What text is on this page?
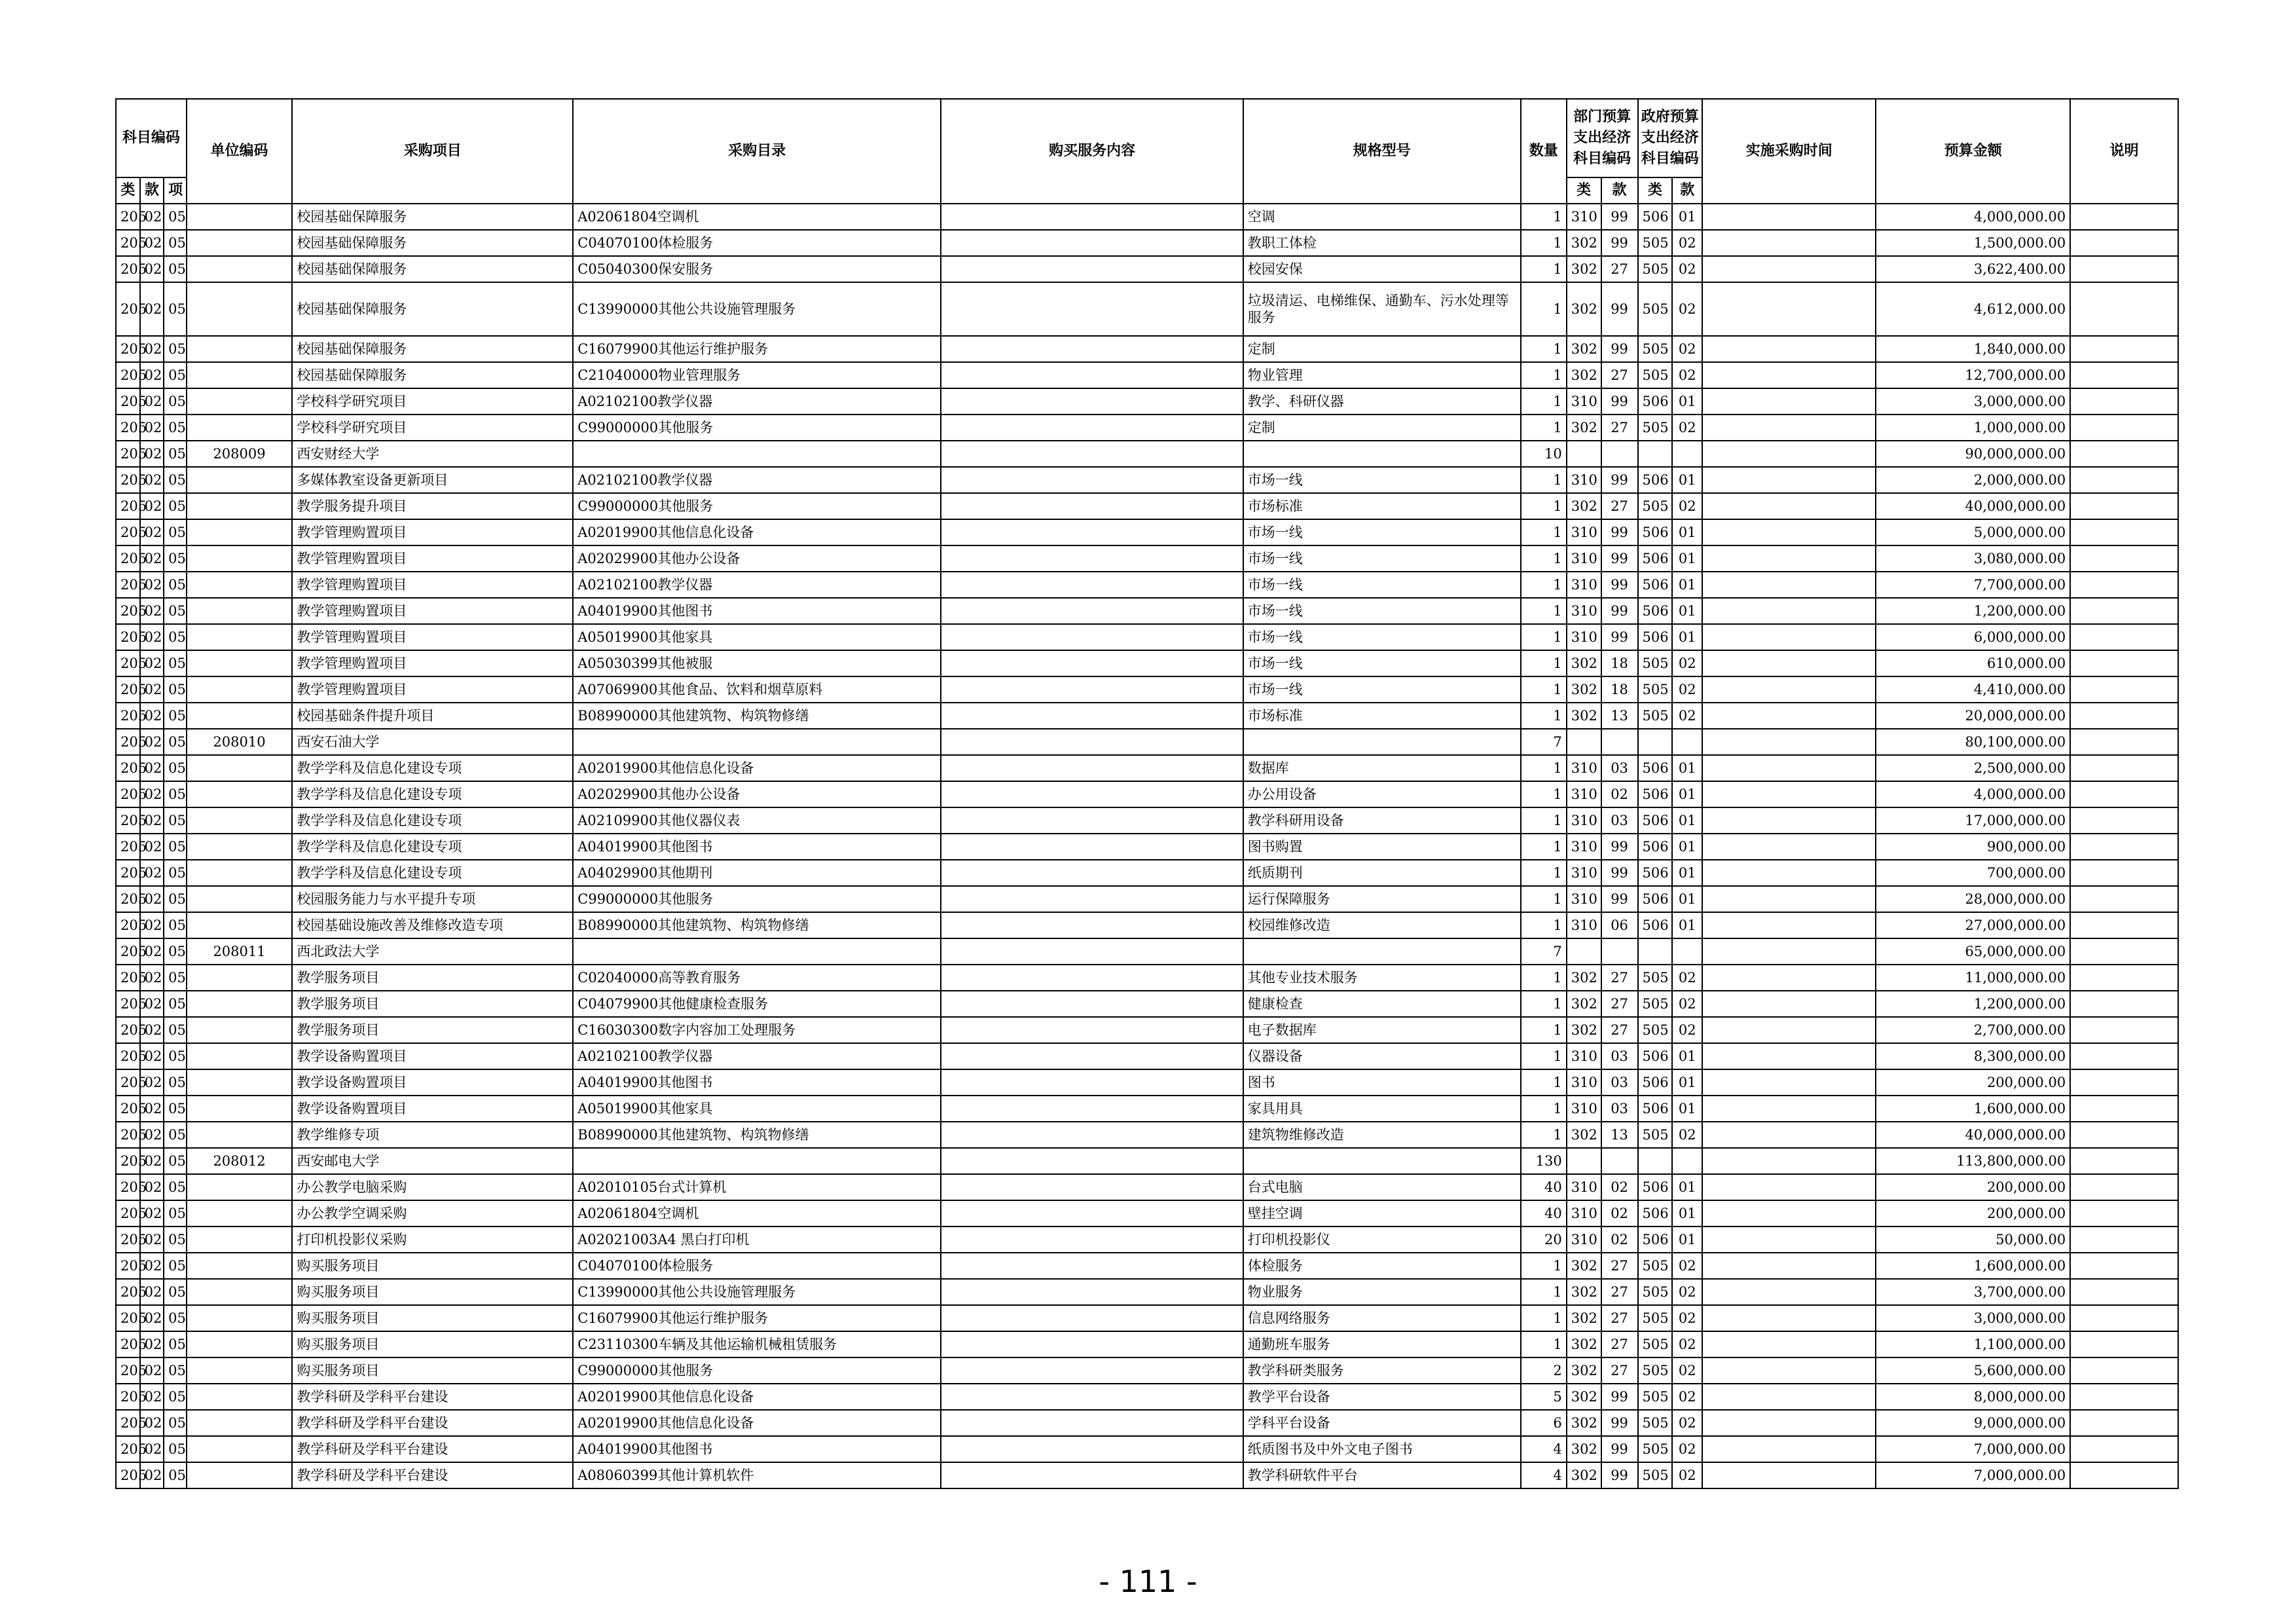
科目编码			单位编码	采购项目	采购目录	购买服务内容	规格型号	数量	部门预算支出经济科目编码		政府预算支出经济科目编码		实施采购时间	预算金额	说明
类	款	项							类	款	类	款			
205	02	05		校园基础保障服务	A02061804空调机		空调	1	310	99	506	01		4,000,000.00	
205	02	05		校园基础保障服务	C04070100体检服务		教职工体检	1	302	99	505	02		1,500,000.00	
205	02	05		校园基础保障服务	C05040300保安服务		校园安保	1	302	27	505	02		3,622,400.00	
205	02	05		校园基础保障服务	C13990000其他公共设施管理服务		垃圾清运、电梯维保、通勤车、污水处理等服务	1	302	99	505	02		4,612,000.00	
205	02	05		校园基础保障服务	C16079900其他运行维护服务		定制	1	302	99	505	02		1,840,000.00	
205	02	05		校园基础保障服务	C21040000物业管理服务		物业管理	1	302	27	505	02		12,700,000.00	
205	02	05		学校科学研究项目	A02102100教学仪器		教学、科研仪器	1	310	99	506	01		3,000,000.00	
205	02	05		学校科学研究项目	C99000000其他服务		定制	1	302	27	505	02		1,000,000.00	
205	02	05	208009	西安财经大学				10						90,000,000.00	
205	02	05		多媒体教室设备更新项目	A02102100教学仪器		市场一线	1	310	99	506	01		2,000,000.00	
205	02	05		教学服务提升项目	C99000000其他服务		市场标准	1	302	27	505	02		40,000,000.00	
205	02	05		教学管理购置项目	A02019900其他信息化设备		市场一线	1	310	99	506	01		5,000,000.00	
205	02	05		教学管理购置项目	A02029900其他办公设备		市场一线	1	310	99	506	01		3,080,000.00	
205	02	05		教学管理购置项目	A02102100教学仪器		市场一线	1	310	99	506	01		7,700,000.00	
205	02	05		教学管理购置项目	A04019900其他图书		市场一线	1	310	99	506	01		1,200,000.00	
205	02	05		教学管理购置项目	A05019900其他家具		市场一线	1	310	99	506	01		6,000,000.00	
205	02	05		教学管理购置项目	A05030399其他被服		市场一线	1	302	18	505	02		610,000.00	
205	02	05		教学管理购置项目	A07069900其他食品、饮料和烟草原料		市场一线	1	302	18	505	02		4,410,000.00	
205	02	05		校园基础条件提升项目	B08990000其他建筑物、构筑物修缮		市场标准	1	302	13	505	02		20,000,000.00	
205	02	05	208010	西安石油大学				7						80,100,000.00	
205	02	05		教学学科及信息化建设专项	A02019900其他信息化设备		数据库	1	310	03	506	01		2,500,000.00	
205	02	05		教学学科及信息化建设专项	A02029900其他办公设备		办公用设备	1	310	02	506	01		4,000,000.00	
205	02	05		教学学科及信息化建设专项	A02109900其他仪器仪表		教学科研用设备	1	310	03	506	01		17,000,000.00	
205	02	05		教学学科及信息化建设专项	A04019900其他图书		图书购置	1	310	99	506	01		900,000.00	
205	02	05		教学学科及信息化建设专项	A04029900其他期刊		纸质期刊	1	310	99	506	01		700,000.00	
205	02	05		校园服务能力与水平提升专项	C99000000其他服务		运行保障服务	1	310	99	506	01		28,000,000.00	
205	02	05		校园基础设施改善及维修改造专项	B08990000其他建筑物、构筑物修缮		校园维修改造	1	310	06	506	01		27,000,000.00	
205	02	05	208011	西北政法大学				7						65,000,000.00	
205	02	05		教学服务项目	C02040000高等教育服务		其他专业技术服务	1	302	27	505	02		11,000,000.00	
205	02	05		教学服务项目	C04079900其他健康检查服务		健康检查	1	302	27	505	02		1,200,000.00	
205	02	05		教学服务项目	C16030300数字内容加工处理服务		电子数据库	1	302	27	505	02		2,700,000.00	
205	02	05		教学设备购置项目	A02102100教学仪器		仪器设备	1	310	03	506	01		8,300,000.00	
205	02	05		教学设备购置项目	A04019900其他图书		图书	1	310	03	506	01		200,000.00	
205	02	05		教学设备购置项目	A05019900其他家具		家具用具	1	310	03	506	01		1,600,000.00	
205	02	05		教学维修专项	B08990000其他建筑物、构筑物修缮		建筑物维修改造	1	302	13	505	02		40,000,000.00	
205	02	05	208012	西安邮电大学				130						113,800,000.00	
205	02	05		办公教学电脑采购	A02010105台式计算机		台式电脑	40	310	02	506	01		200,000.00	
205	02	05		办公教学空调采购	A02061804空调机		壁挂空调	40	310	02	506	01		200,000.00	
205	02	05		打印机投影仪采购	A02021003A4 黑白打印机		打印机投影仪	20	310	02	506	01		50,000.00	
205	02	05		购买服务项目	C04070100体检服务		体检服务	1	302	27	505	02		1,600,000.00	
205	02	05		购买服务项目	C13990000其他公共设施管理服务		物业服务	1	302	27	505	02		3,700,000.00	
205	02	05		购买服务项目	C16079900其他运行维护服务		信息网络服务	1	302	27	505	02		3,000,000.00	
205	02	05		购买服务项目	C23110300车辆及其他运输机械租赁服务		通勤班车服务	1	302	27	505	02		1,100,000.00	
205	02	05		购买服务项目	C99000000其他服务		教学科研类服务	2	302	27	505	02		5,600,000.00	
205	02	05		教学科研及学科平台建设	A02019900其他信息化设备		教学平台设备	5	302	99	505	02		8,000,000.00	
205	02	05		教学科研及学科平台建设	A02019900其他信息化设备		学科平台设备	6	302	99	505	02		9,000,000.00	
205	02	05		教学科研及学科平台建设	A04019900其他图书		纸质图书及中外文电子图书	4	302	99	505	02		7,000,000.00	
205	02	05		教学科研及学科平台建设	A08060399其他计算机软件		教学科研软件平台	4	302	99	505	02		7,000,000.00	
- 111 -
